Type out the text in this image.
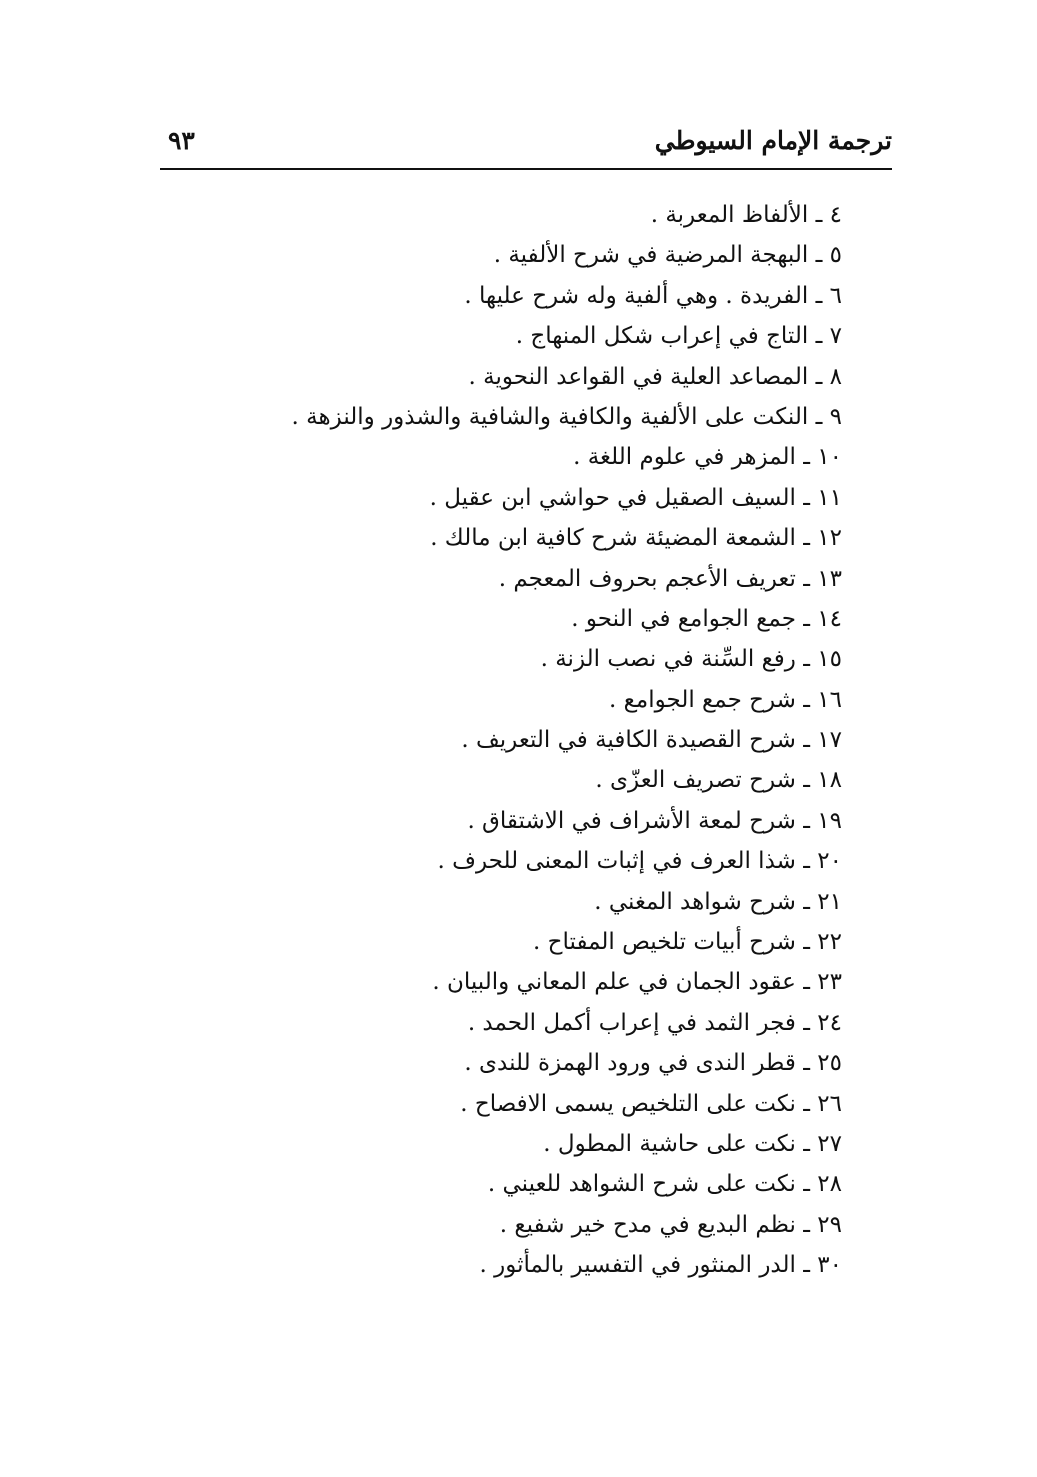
ترجمة الإمام السيوطي
٩٣
٤ ـ الألفاظ المعربة .
٥ ـ البهجة المرضية في شرح الألفية .
٦ ـ الفريدة . وهي ألفية وله شرح عليها .
٧ ـ التاج في إعراب شكل المنهاج .
٨ ـ المصاعد العلية في القواعد النحوية .
٩ ـ النكت على الألفية والكافية والشافية والشذور والنزهة .
١٠ ـ المزهر في علوم اللغة .
١١ ـ السيف الصقيل في حواشي ابن عقيل .
١٢ ـ الشمعة المضيئة شرح كافية ابن مالك .
١٣ ـ تعريف الأعجم بحروف المعجم .
١٤ ـ جمع الجوامع في النحو .
١٥ ـ رفع السِّنة في نصب الزنة .
١٦ ـ شرح جمع الجوامع .
١٧ ـ شرح القصيدة الكافية في التعريف .
١٨ ـ شرح تصريف العزّى .
١٩ ـ شرح لمعة الأشراف في الاشتقاق .
٢٠ ـ شذا العرف في إثبات المعنى للحرف .
٢١ ـ شرح شواهد المغني .
٢٢ ـ شرح أبيات تلخيص المفتاح .
٢٣ ـ عقود الجمان في علم المعاني والبيان .
٢٤ ـ فجر الثمد في إعراب أكمل الحمد .
٢٥ ـ قطر الندى في ورود الهمزة للندى .
٢٦ ـ نكت على التلخيص يسمى الافصاح .
٢٧ ـ نكت على حاشية المطول .
٢٨ ـ نكت على شرح الشواهد للعيني .
٢٩ ـ نظم البديع في مدح خير شفيع .
٣٠ ـ الدر المنثور في التفسير بالمأثور .
